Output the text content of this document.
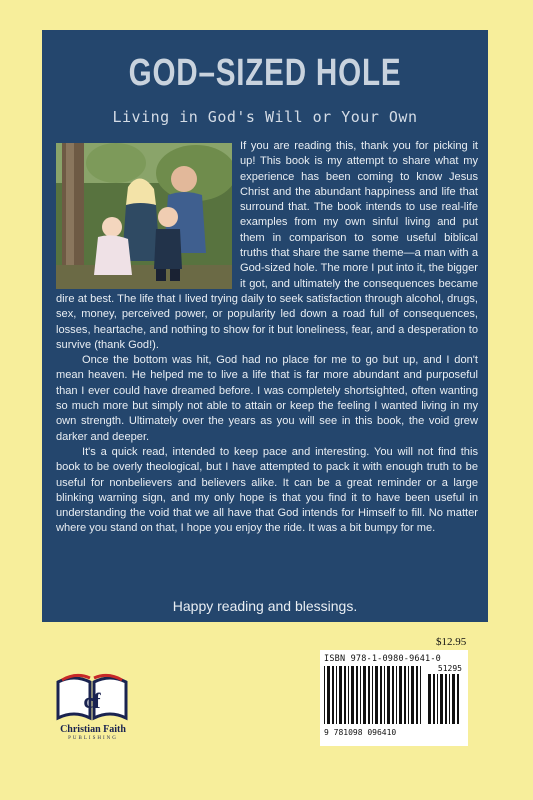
GOD–SIZED HOLE
Living in God's Will or Your Own

If you are reading this, thank you for picking it up! This book is my attempt to share what my experience has been coming to know Jesus Christ and the abundant happiness and life that surround that. The book intends to use real-life examples from my own sinful living and put them in comparison to some useful biblical truths that share the same theme—a man with a God-sized hole. The more I put into it, the bigger it got, and ultimately the consequences became dire at best. The life that I lived trying daily to seek satisfaction through alcohol, drugs, sex, money, perceived power, or popularity led down a road full of consequences, losses, heartache, and nothing to show for it but loneliness, fear, and a desperation to survive (thank God!).

Once the bottom was hit, God had no place for me to go but up, and I don't mean heaven. He helped me to live a life that is far more abundant and purposeful than I ever could have dreamed before. I was completely shortsighted, often wanting so much more but simply not able to attain or keep the feeling I wanted living in my own strength. Ultimately over the years as you will see in this book, the void grew darker and deeper.

It's a quick read, intended to keep pace and interesting. You will not find this book to be overly theological, but I have attempted to pack it with enough truth to be useful for nonbelievers and believers alike. It can be a great reminder or a large blinking warning sign, and my only hope is that you find it to have been useful in understanding the void that we all have that God intends for Himself to fill. No matter where you stand on that, I hope you enjoy the ride. It was a bit bumpy for me.

Happy reading and blessings.
cf
Christian Faith
PUBLISHING
$12.95
ISBN 978-1-0980-9641-0
51295
9 781098 096410
